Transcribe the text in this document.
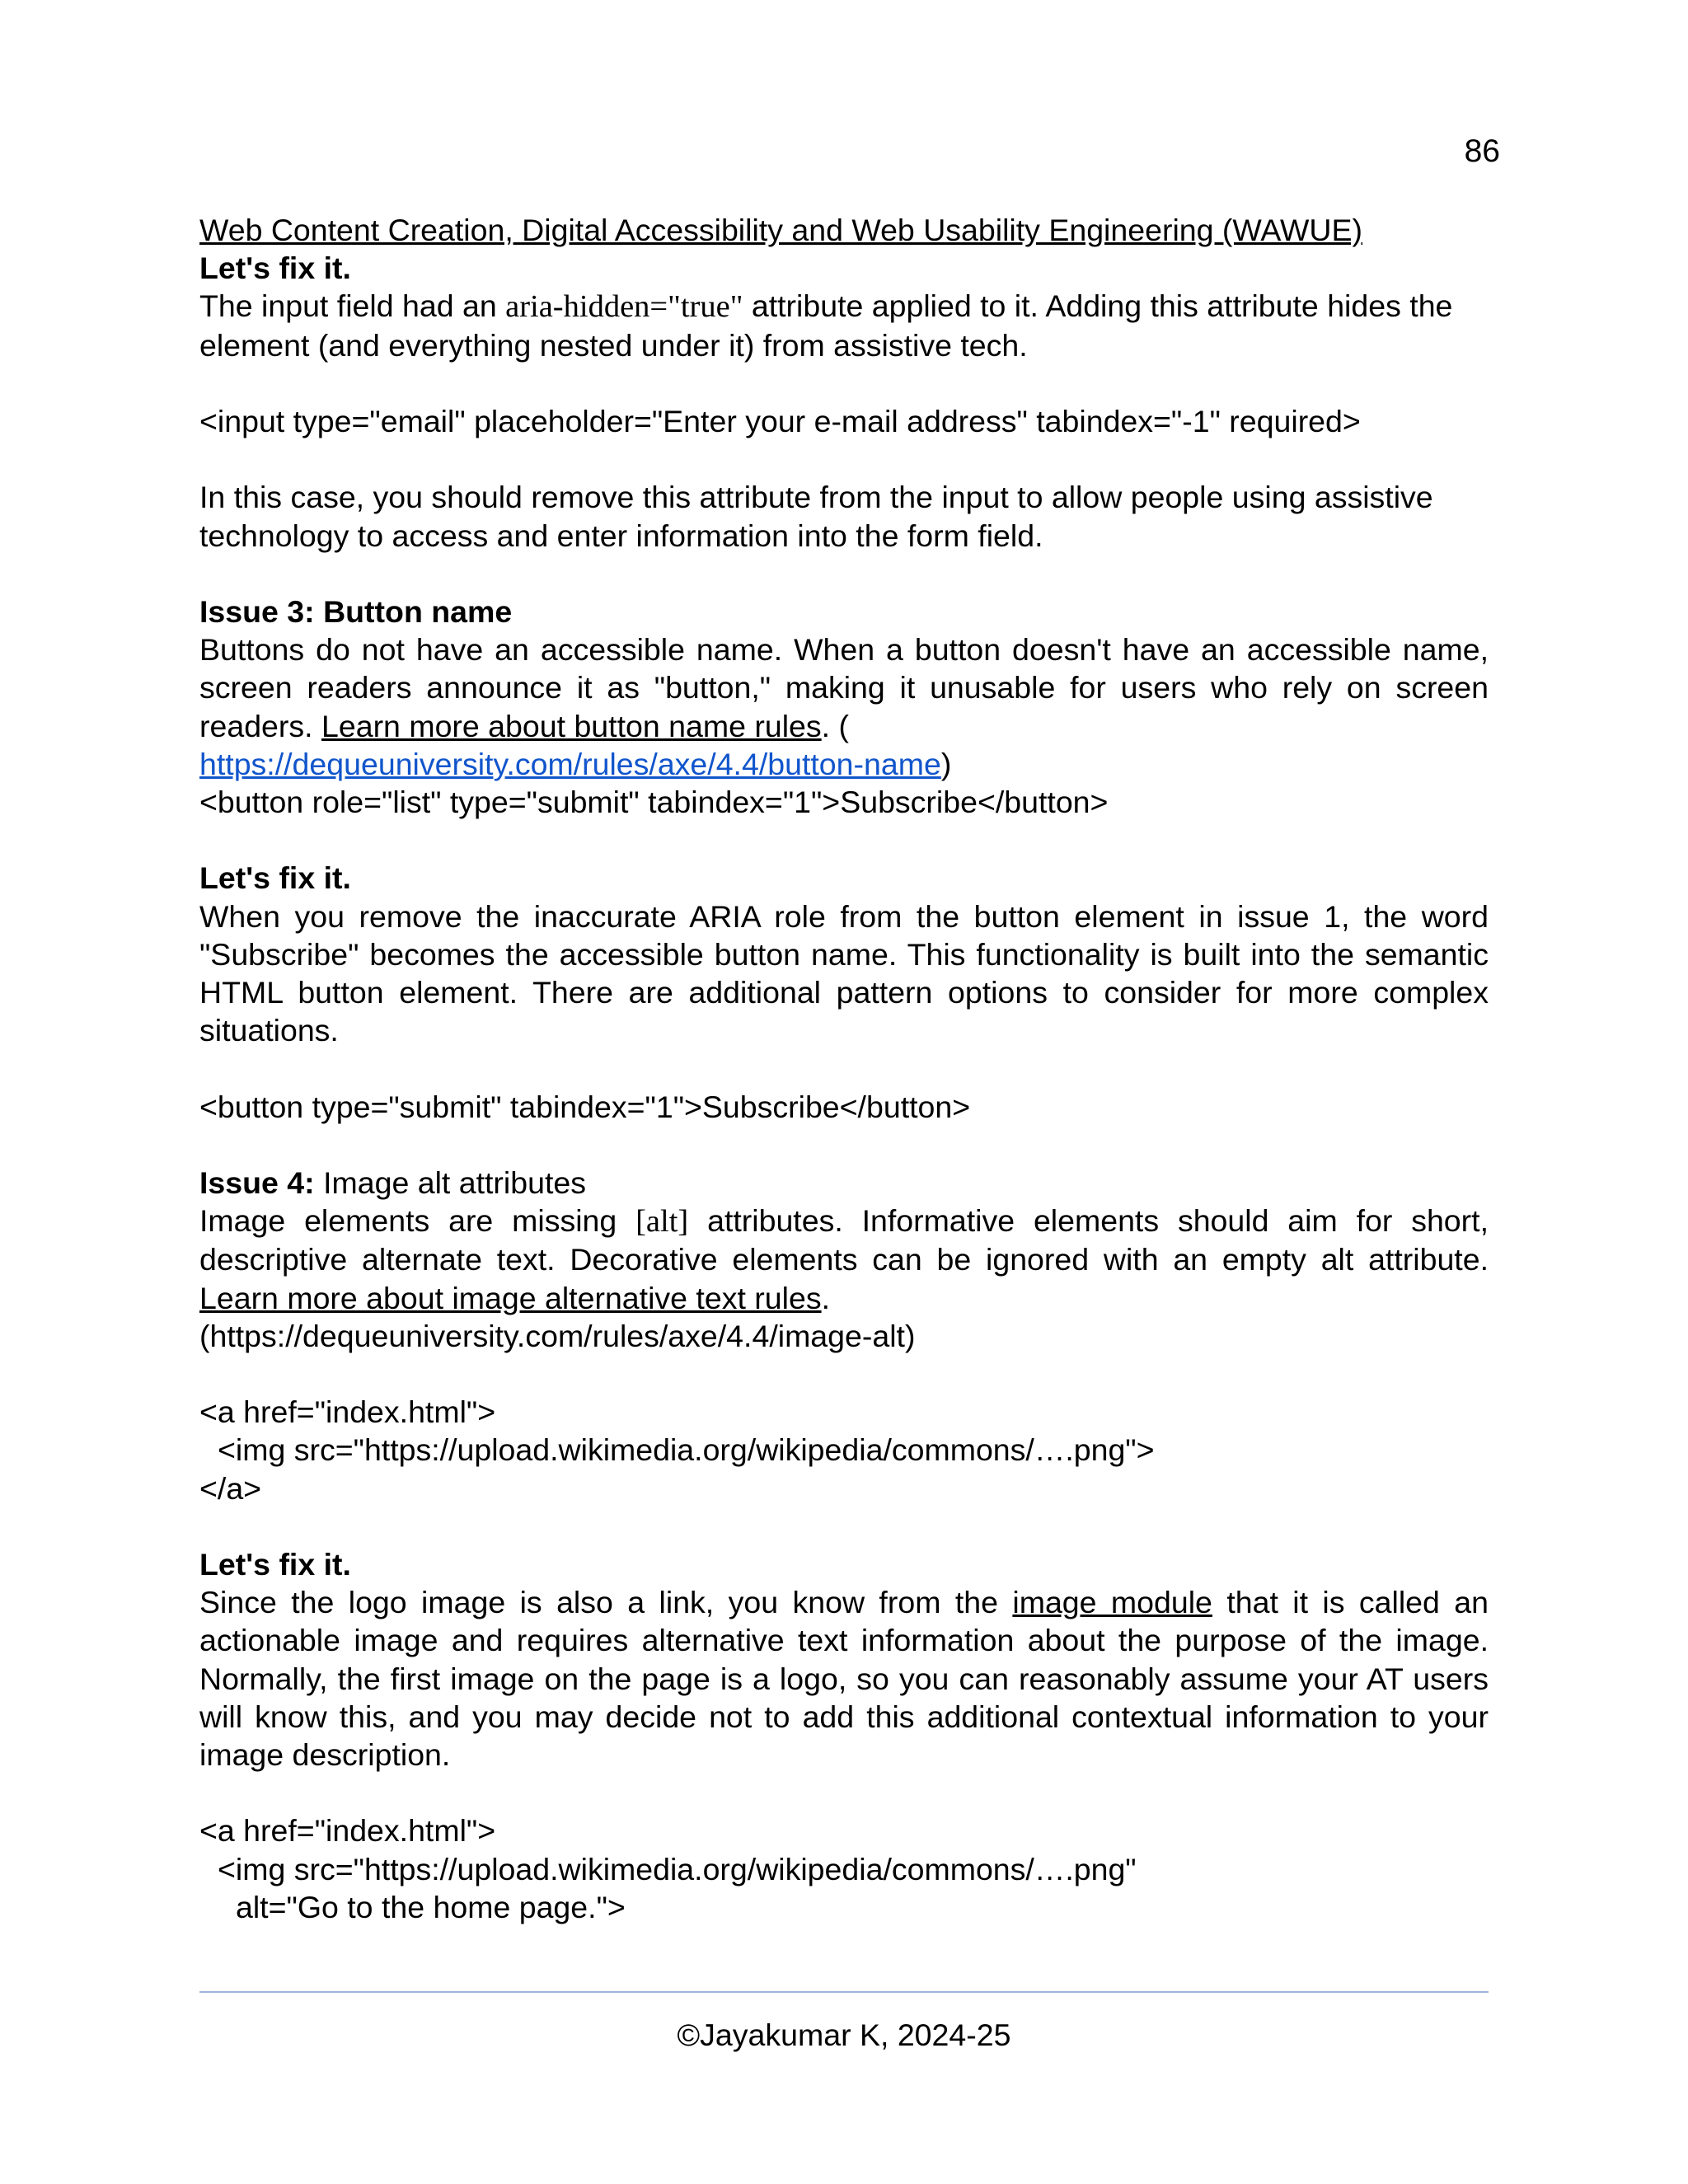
86

Web Content Creation, Digital Accessibility and Web Usability Engineering (WAWUE)

Let's fix it.

The input field had an aria-hidden="true" attribute applied to it. Adding this attribute hides the element (and everything nested under it) from assistive tech.

<input type="email" placeholder="Enter your e-mail address" tabindex="-1" required>

In this case, you should remove this attribute from the input to allow people using assistive technology to access and enter information into the form field.

Issue 3: Button name

Buttons do not have an accessible name. When a button doesn't have an accessible name, screen readers announce it as "button," making it unusable for users who rely on screen readers. Learn more about button name rules. (
https://dequeuniversity.com/rules/axe/4.4/button-name)

<button role="list" type="submit" tabindex="1">Subscribe</button>

Let's fix it.

When you remove the inaccurate ARIA role from the button element in issue 1, the word "Subscribe" becomes the accessible button name. This functionality is built into the semantic HTML button element. There are additional pattern options to consider for more complex situations.

<button type="submit" tabindex="1">Subscribe</button>

Issue 4: Image alt attributes

Image elements are missing [alt] attributes. Informative elements should aim for short, descriptive alternate text. Decorative elements can be ignored with an empty alt attribute. Learn more about image alternative text rules.

(https://dequeuniversity.com/rules/axe/4.4/image-alt)

<a href="index.html">

<img src="https://upload.wikimedia.org/wikipedia/commons/….png">

</a>

Let's fix it.

Since the logo image is also a link, you know from the image module that it is called an actionable image and requires alternative text information about the purpose of the image. Normally, the first image on the page is a logo, so you can reasonably assume your AT users will know this, and you may decide not to add this additional contextual information to your image description.

<a href="index.html">

<img src="https://upload.wikimedia.org/wikipedia/commons/….png"

alt="Go to the home page.">

©Jayakumar K, 2024-25
